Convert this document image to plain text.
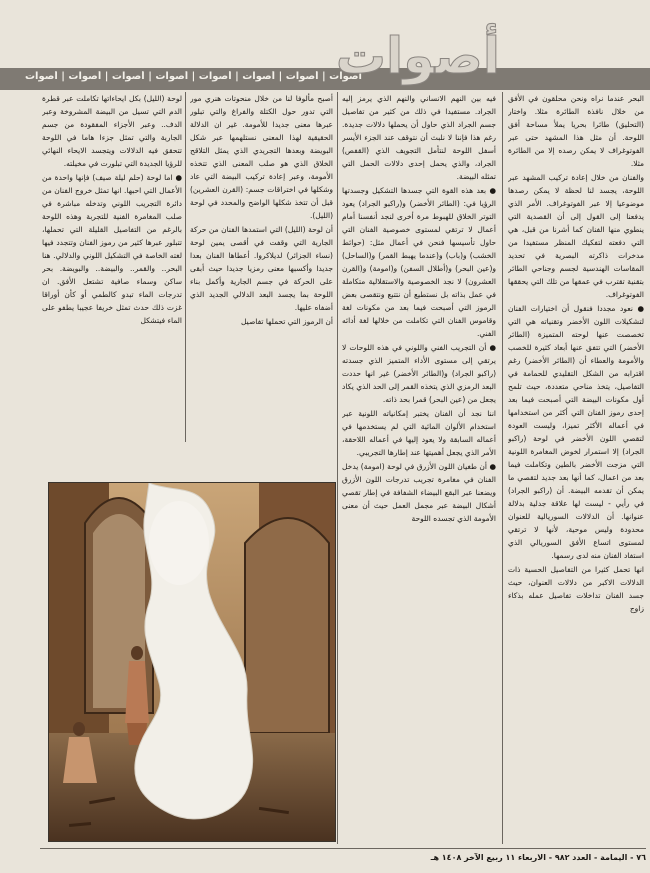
أصوات | أصوات | أصوات | أصوات | أصوات | أصوات | أصوات | أصوات
أصوات

البحر عندما نراه ونحن محلقون في الأفق من خلال نافذة الطائرة مثلا. واختار (التحليق) طائرا بحريا يملأ مساحة أفق اللوحة. أن مثل هذا المشهد حتى عبر الفوتوغراف لا يمكن رصده إلا من الطائرة مثلا.

والفنان من خلال إعادة تركيب المشهد عبر اللوحة، يجسد لنا لحظة لا يمكن رصدها موضوعيا إلا عبر الفوتوغراف. الأمر الذي يدفعنا إلى القول إلى أن القصدية التي ينطوي منها الفنان كما أشرنا من قبل، هي التي دفعته لتفكيك المنظر مستفيدا من مدخرات ذاكرته البصرية في تحديد المقاسات الهندسية لجسم وجناحي الطائر بتقنية تقترب في عمقها من تلك التي يحققها الفوتوغراف.

● نعود مجددا فنقول أن اختيارات الفنان لتشكيلات اللون الأخضر وتقنياته هي التي تخصصت عنها لوحته المتميزة (الطائر الأخضر) التي تتفق عنها أبعاد كثيرة للخصب والأمومة والعطاء أن (الطائر الأخضر) رغم اقترابه من الشكل التقليدي للحمامة في التفاصيل، يتخذ مناحي متعددة، حيث تلمح أول مكونات البيضة التي أصبحت فيما بعد إحدى رموز الفنان التي أكثر من استخدامها في أعماله الأكثر تميزا، وليست العودة لتقصي اللون الأخضر في لوحة (راكبو الجراد) إلا استمرار لخوض المغامرة اللونية التي مزجت الأخضر بالطين وتكاملت فيما بعد من اعمال، كما أنها بعد جديد لتقصي ما يمكن أن تقدمه البيضة. أن (راكبو الجراد) في رأيي - ليست لها علاقة جدلية بدلالة عنوانها. أن الدلالات السوريالية للعنوان محدودة وليس موحية، لأنها لا ترتقي لمستوى اتساع الأفق السوريالي الذي استفاد الفنان منه لدى رسمها.

انها تحمل كثيرا من التفاصيل الحسية ذات الدلالات الاكبر من دلالات العنوان، حيث جسد الفنان تداخلات تفاصيل عمله بذكاء زاوج

فيه بين النهم الانساني والنهم الذي يرمز إليه الجراد. مستفيدا في ذلك من كثير من تفاصيل جسم الجراد الذي حاول أن يحملها دلالات جديدة. رغم هذا فإننا لا نلبث أن نتوقف عند الجزء الأيسر أسفل اللوحة لنتأمل التجويف الذي (القفص) الجراد، والذي يحمل إحدى دلالات الحمل التي تمثله البيضة.

● بعد هذه القوة التي جسدها التشكيل وجسدتها الرؤيا في: (الطائر الأخضر) و(راكبو الجراد) يعود التوتر الخلاق للهبوط مرة أخرى لنجد أنفسنا أمام أعمال لا ترتقي لمستوى خصوصية الفنان التي حاول تأسيسها فنحن في أعمال مثل: (حوائط الخشب) و(باب) و(عندما يهبط القمر) و(الساحل) و(عين البحر) و(أطلال السفن) و(امومة) و(القرن العشرون) لا نجد الخصوصية والاستقلالية متكاملة في عمل بذاته بل نستطيع أن نتتبع ونتقصى بعض الرموز التي أصبحت فيما بعد من مكونات لغة وقاموس الفنان التي تكاملت من خلالها لغة أدائه الفني.

● أن التجريب الفني واللوني في هذه اللوحات لا يرتقي إلى مستوى الأداء المتميز الذي جسدته (راكبو الجراد) و(الطائر الأخضر) غير انها حددت البعد الرمزي الذي يتخذه القمر إلى الحد الذي يكاد يجعل من (عين البحر) قمرا بحد ذاته.

اننا نجد أن الفنان يختبر إمكانياته اللونية عبر استخدام الألوان المائية التي لم يستخدمها في أعماله السابقة ولا يعود إليها في أعماله اللاحقة، الأمر الذي يجعل أهميتها عند إطارها التجريبي.

● أن طغيان اللون الأزرق في لوحة (امومة) يدخل الفنان في مغامرة تجريب تدرجات اللون الأزرق ويضعنا عبر البقع البيضاء الشفافة في إطار تقصي أشكال البيضة عبر مجمل العمل حيث أن معنى الأمومة الذي تجسده اللوحة

أصبح مألوفا لنا من خلال منحوتات هنري مور التي تدور حول الكتلة والفراغ والتي تبلور عبرها معنى جديدا للأمومة. غير ان الدلالة الحقيقية لهذا المعنى نستلهمها عبر شكل البويضة وبعدها التجريدي الذي يمثل التلاقح الخلاق الذي هو صلب المعنى الذي تتخذه الأمومة، وعبر إعادة تركيب البيضة التي عاد وشكلها في اختراقات جسم: (القرن العشرين) قبل أن تتخذ شكلها الواضح والمحدد في لوحة (الليل).

أن لوحة (الليل) التي استمدها الفنان من حركة الجارية التي وقفت في أقصى يمين لوحة (نساء الجزائر) لديلاكروا. أعطاها الفنان بعدا جديدا وأكسبها معنى رمزيا جديدا حيث أبقى على الحركة في جسم الجارية وأكمل بناء اللوحة بما يجسد البعد الدلالي الجديد الذي أضفاه عليها.

أن الرموز التي تحملها تفاصيل

لوحة (الليل) بكل ايحاءاتها تكاملت عبر قطرة الدم التي تسيل من البيضة المشروخة وعبر الدف.. وعبر الأجزاء المفقودة من جسم الجارية والتي تمثل جزءا هاما في اللوحة تتحقق فيه الدلالات ويتجسد الايحاء النهائي للرؤيا الجديدة التي تبلورت في مخيلته.

● اما لوحة (حلم ليلة صيف) فإنها واحدة من الأعمال التي احبها. انها تمثل خروج الفنان من دائرة التجريب اللوني وتدخله مباشرة في صلب المغامرة الفنية للتجربة وهذه اللوحة بالرغم من التفاصيل القليلة التي تحملها، تتبلور عبرها كثير من رموز الفنان وتتجدد فيها لغته الخاصة في التشكيل اللوني والدلالي. هنا البحر.. والقمر.. والبيضة.. والبويضة. بحر ساكن وسماء صافية تشتعل الأفق. ان تدرجات الماء تبدو كالطمي أو كأن أوراقا غزت ذلك حدث تمثل خريفا عجيبا يطفو على الماء فيتشكل

٧٦ - اليمامة - العدد ٩٨٢ - الاربعاء ١١ ربيع الآخر ١٤٠٨ هـ
